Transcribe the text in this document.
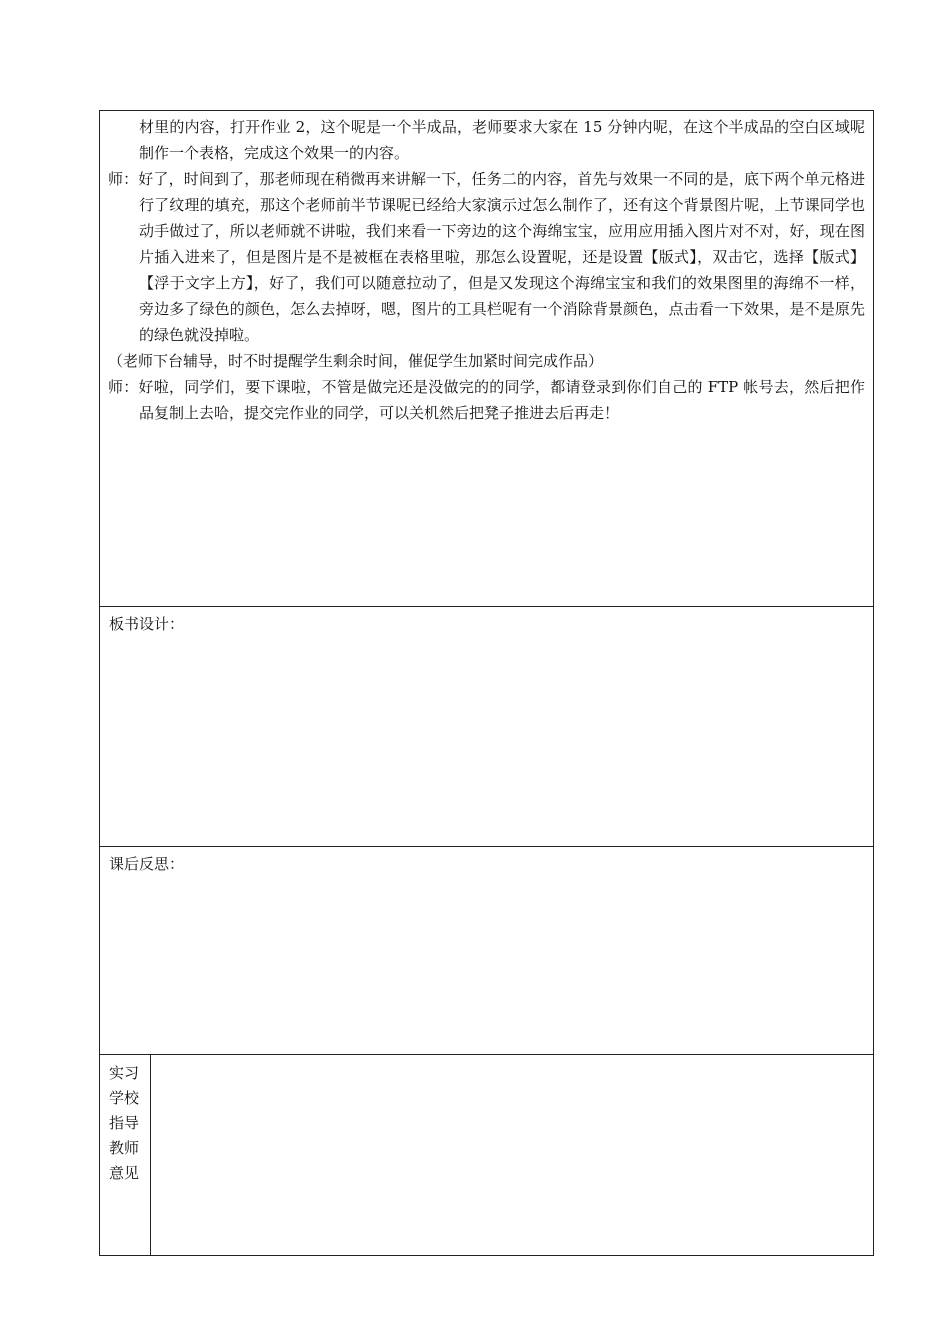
材里的内容，打开作业 2，这个呢是一个半成品，老师要求大家在 15 分钟内呢，在这个半成品的空白区域呢制作一个表格，完成这个效果一的内容。

师：好了，时间到了，那老师现在稍微再来讲解一下，任务二的内容，首先与效果一不同的是，底下两个单元格进行了纹理的填充，那这个老师前半节课呢已经给大家演示过怎么制作了，还有这个背景图片呢，上节课同学也动手做过了，所以老师就不讲啦，我们来看一下旁边的这个海绵宝宝，应用应用插入图片对不对，好，现在图片插入进来了，但是图片是不是被框在表格里啦，那怎么设置呢，还是设置【版式】，双击它，选择【版式】【浮于文字上方】，好了，我们可以随意拉动了，但是又发现这个海绵宝宝和我们的效果图里的海绵不一样，旁边多了绿色的颜色，怎么去掉呀，嗯，图片的工具栏呢有一个消除背景颜色，点击看一下效果，是不是原先的绿色就没掉啦。

（老师下台辅导，时不时提醒学生剩余时间，催促学生加紧时间完成作品）

师：好啦，同学们，要下课啦，不管是做完还是没做完的的同学，都请登录到你们自己的 FTP 帐号去，然后把作品复制上去哈，提交完作业的同学，可以关机然后把凳子推进去后再走！

板书设计：
课后反思：
实习学校指导教师意见
